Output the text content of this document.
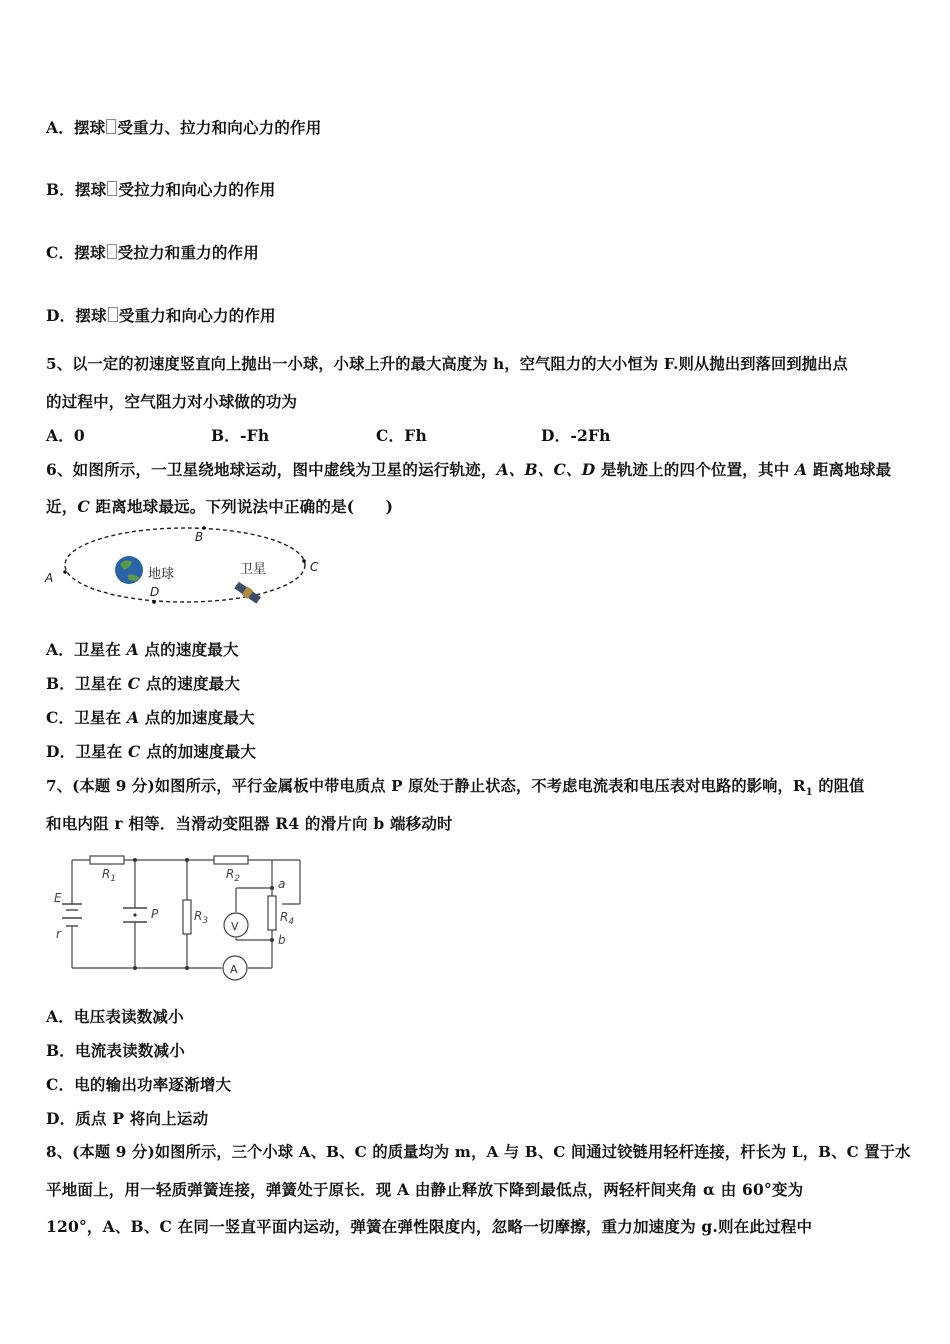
A．摆球 受重力、拉力和向心力的作用
B．摆球 受拉力和向心力的作用
C．摆球 受拉力和重力的作用
D．摆球 受重力和向心力的作用
5、以一定的初速度竖直向上抛出一小球，小球上升的最大高度为 h，空气阻力的大小恒为 F.则从抛出到落回到抛出点
的过程中，空气阻力对小球做的功为
A．0	B．-Fh	C．Fh	D．-2Fh
6、如图所示，一卫星绕地球运动，图中虚线为卫星的运行轨迹，A、B、C、D 是轨迹上的四个位置，其中 A 距离地球最
近，C 距离地球最远。下列说法中正确的是(　　)
地球	卫星
A
B
C
D
A．卫星在 A 点的速度最大
B．卫星在 C 点的速度最大
C．卫星在 A 点的加速度最大
D．卫星在 C 点的加速度最大
7、(本题 9 分)如图所示，平行金属板中带电质点 P 原处于静止状态，不考虑电流表和电压表对电路的影响，$R_1$ 的阻值
和电内阻 r 相等．当滑动变阻器 R4 的滑片向 b 端移动时
E
r
$R_1$	$R_2$
$R_3$	$R_4$
P
a
b
V
A
A．电压表读数减小
B．电流表读数减小
C．电的输出功率逐渐增大
D．质点 P 将向上运动
8、(本题 9 分)如图所示，三个小球 A、B、C 的质量均为 m，A 与 B、C 间通过铰链用轻杆连接，杆长为 L，B、C 置于水
平地面上，用一轻质弹簧连接，弹簧处于原长．现 A 由静止释放下降到最低点，两轻杆间夹角 α 由 60°变为
120°，A、B、C 在同一竖直平面内运动，弹簧在弹性限度内，忽略一切摩擦，重力加速度为 g.则在此过程中
